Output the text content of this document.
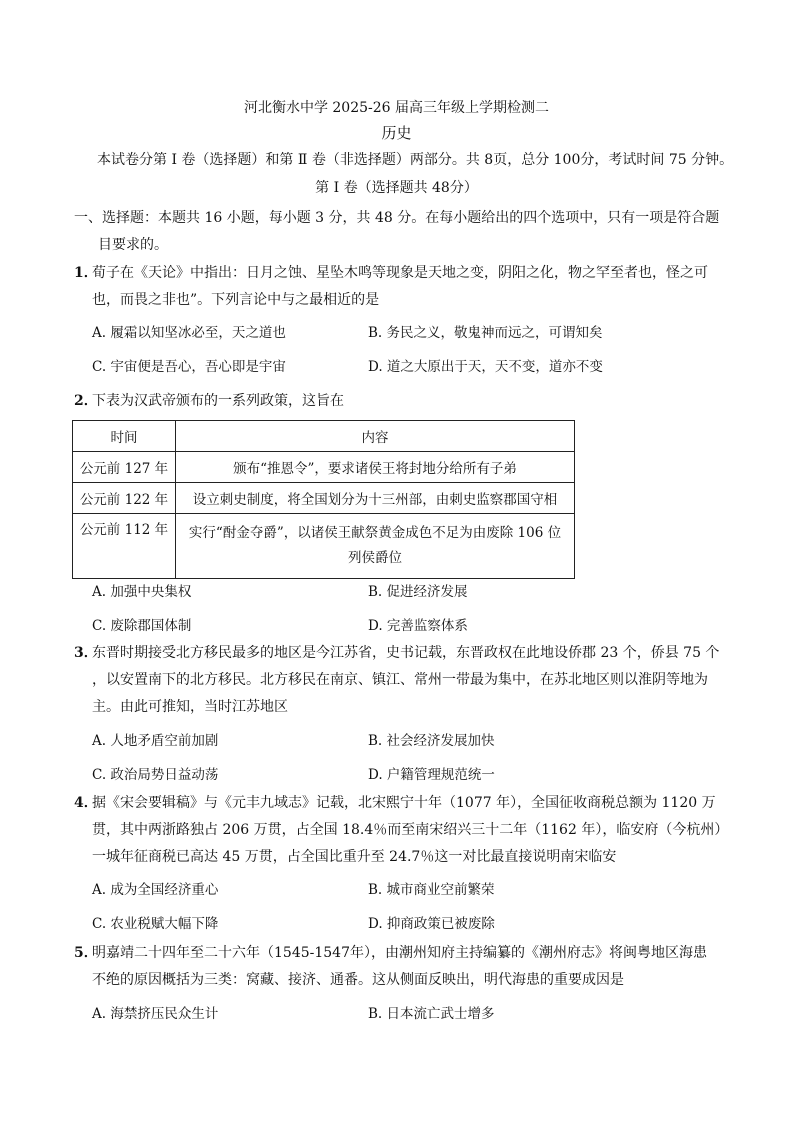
河北衡水中学 2025-26 届高三年级上学期检测二
历史
本试卷分第 Ⅰ 卷（选择题）和第 Ⅱ 卷（非选择题）两部分。共 8页，总分 100分，考试时间 75 分钟。
第 Ⅰ 卷（选择题共 48分）
一、选择题：本题共 16 小题，每小题 3 分，共 48 分。在每小题给出的四个选项中，只有一项是符合题
目要求的。
1．
荀子在《天论》中指出：日月之蚀、星坠木鸣等现象是天地之变，阴阳之化，物之罕至者也，怪之可
也，而畏之非也”。下列言论中与之最相近的是
A. 履霜以知坚冰必至，天之道也	B. 务民之义，敬鬼神而远之，可谓知矣
C. 宇宙便是吾心，吾心即是宇宙	D. 道之大原出于天，天不变，道亦不变
2．
下表为汉武帝颁布的一系列政策，这旨在
时间	内容
公元前 127 年	颁布“推恩令”，要求诸侯王将封地分给所有子弟
公元前 122 年	设立刺史制度，将全国划分为十三州部，由刺史监察郡国守相
公元前 112 年	实行“酎金夺爵”，以诸侯王献祭黄金成色不足为由废除 106 位
列侯爵位
A. 加强中央集权	B. 促进经济发展
C. 废除郡国体制	D. 完善监察体系
3．
东晋时期接受北方移民最多的地区是今江苏省，史书记载，东晋政权在此地设侨郡 23 个，侨县 75 个
，以安置南下的北方移民。北方移民在南京、镇江、常州一带最为集中，在苏北地区则以淮阴等地为
主。由此可推知，当时江苏地区
A. 人地矛盾空前加剧	B. 社会经济发展加快
C. 政治局势日益动荡	D. 户籍管理规范统一
4．
据《宋会要辑稿》与《元丰九域志》记载，北宋熙宁十年（1077 年），全国征收商税总额为 1120 万
贯，其中两浙路独占 206 万贯，占全国 18.4％而至南宋绍兴三十二年（1162 年），临安府（今杭州）
一城年征商税已高达 45 万贯，占全国比重升至 24.7％这一对比最直接说明南宋临安
A. 成为全国经济重心	B. 城市商业空前繁荣
C. 农业税赋大幅下降	D. 抑商政策已被废除
5．
明嘉靖二十四年至二十六年（1545-1547年），由潮州知府主持编纂的《潮州府志》将闽粤地区海患
不绝的原因概括为三类：窝藏、接济、通番。这从侧面反映出，明代海患的重要成因是
A. 海禁挤压民众生计	B. 日本流亡武士增多
